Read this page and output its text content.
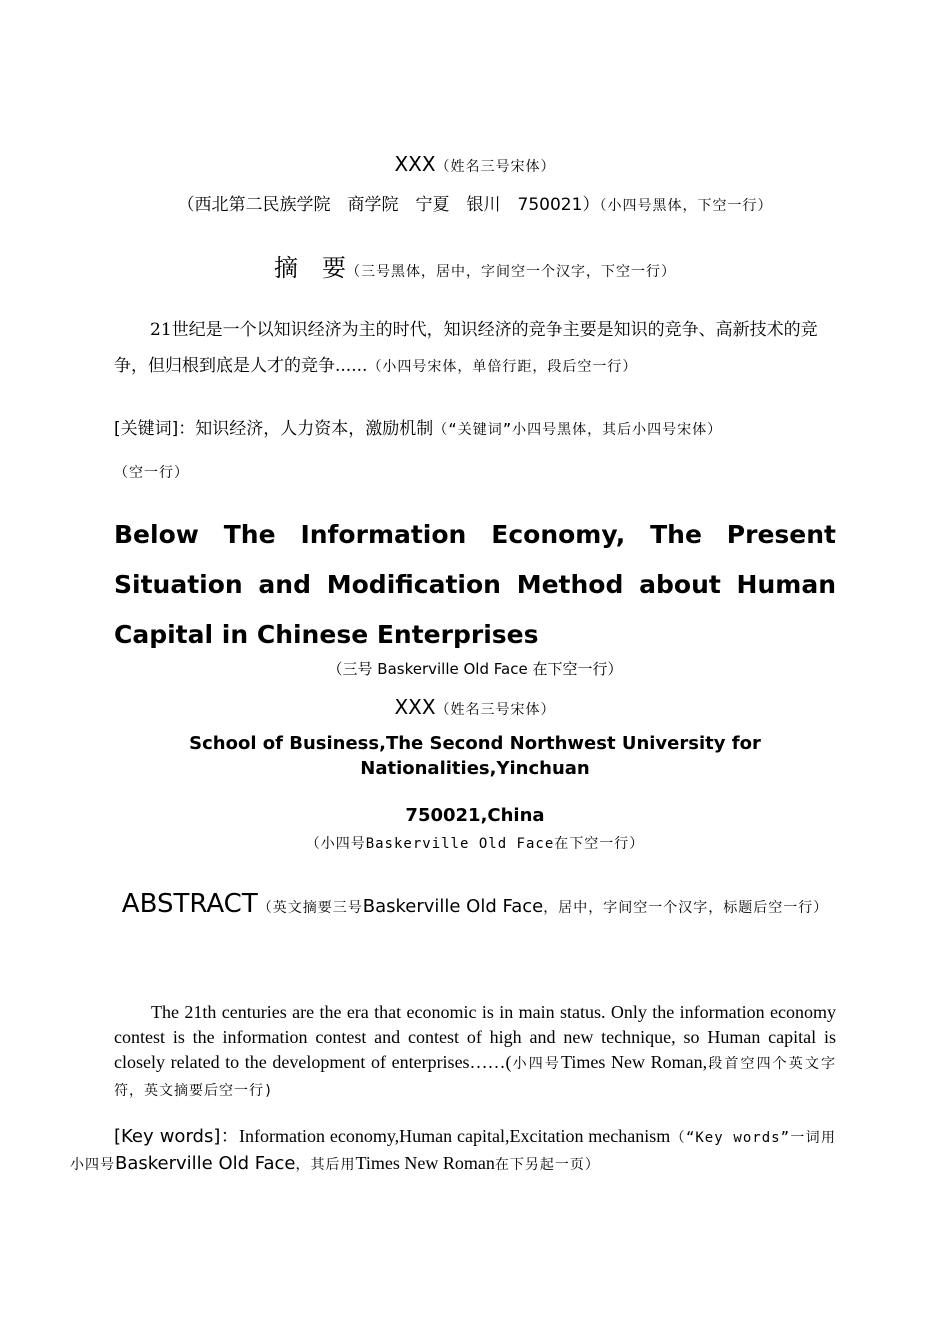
XXX（姓名三号宋体）
（西北第二民族学院　商学院　宁夏　银川　750021）（小四号黑体，下空一行）
摘　要（三号黑体，居中，字间空一个汉字，下空一行）
21世纪是一个以知识经济为主的时代，知识经济的竞争主要是知识的竞争、高新技术的竞争，但归根到底是人才的竞争......（小四号宋体，单倍行距，段后空一行）
[关键词]：知识经济，人力资本，激励机制（“关键词”小四号黑体，其后小四号宋体）
（空一行）
Below The Information Economy, The Present Situation and Modification Method about Human Capital in Chinese Enterprises
（三号 Baskerville Old Face 在下空一行）
XXX（姓名三号宋体）
School of Business,The Second Northwest University for Nationalities,Yinchuan
750021,China
（小四号Baskerville Old Face在下空一行）
ABSTRACT（英文摘要三号Baskerville Old Face，居中，字间空一个汉字，标题后空一行）
The 21th centuries are the era that economic is in main status. Only the information economy contest is the information contest and contest of high and new technique, so Human capital is closely related to the development of enterprises……(小四号Times New Roman,段首空四个英文字符，英文摘要后空一行)
[Key words]：Information economy,Human capital,Excitation mechanism（“Key words”一词用小四号Baskerville Old Face，其后用Times New Roman在下另起一页）
